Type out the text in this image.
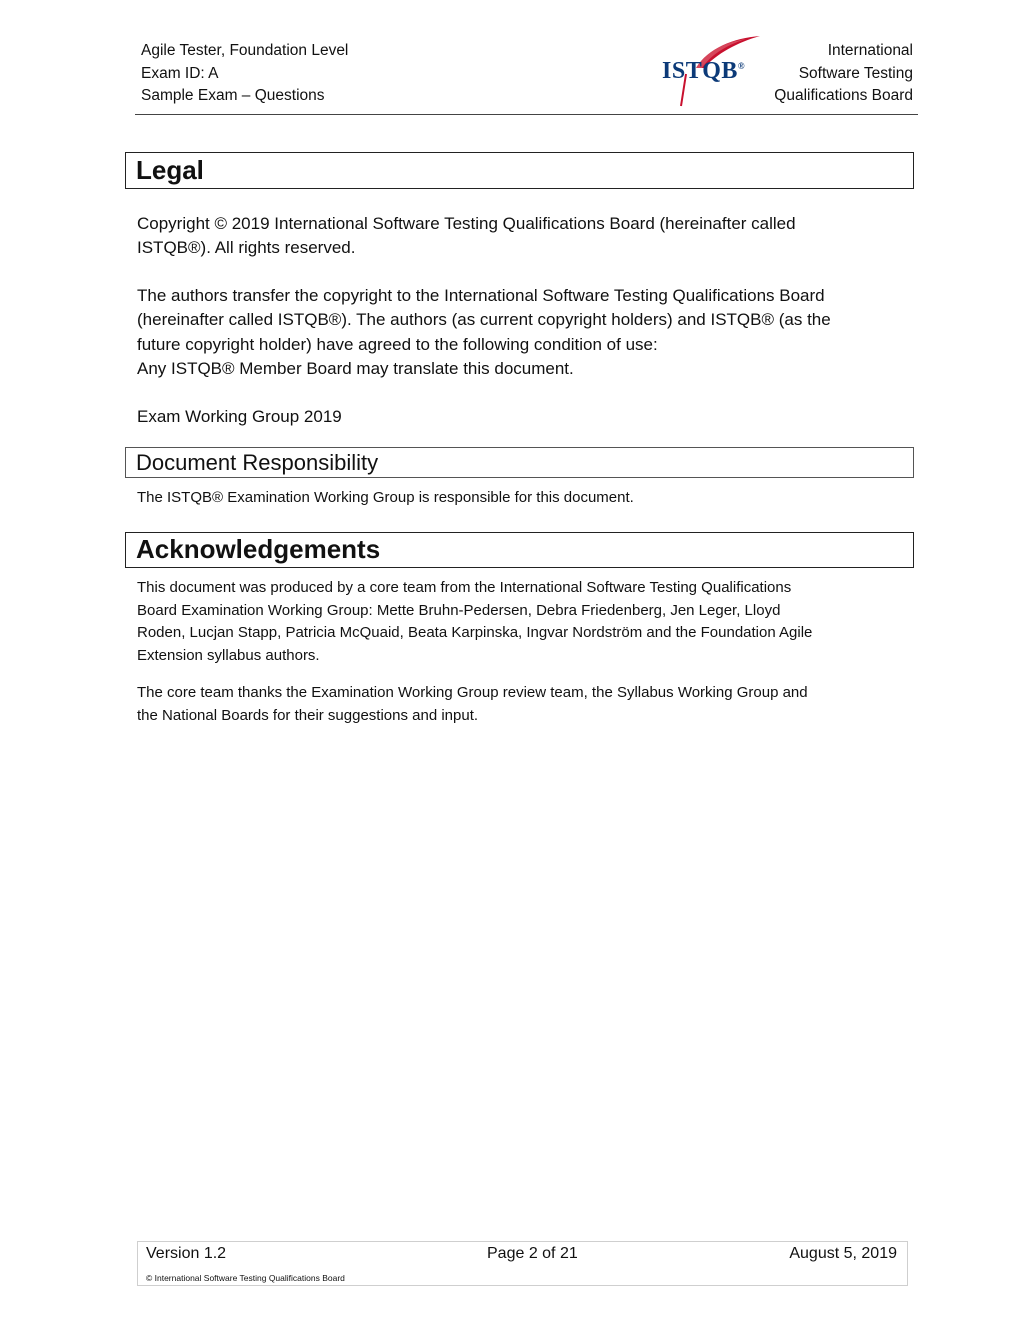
Agile Tester, Foundation Level
Exam ID: A
Sample Exam – Questions
ISTQB®
International
Software Testing
Qualifications Board
Legal
Copyright © 2019 International Software Testing Qualifications Board (hereinafter called
ISTQB®). All rights reserved.
The authors transfer the copyright to the International Software Testing Qualifications Board
(hereinafter called ISTQB®). The authors (as current copyright holders) and ISTQB® (as the
future copyright holder) have agreed to the following condition of use:
Any ISTQB® Member Board may translate this document.
Exam Working Group 2019
Document Responsibility
The ISTQB® Examination Working Group is responsible for this document.
Acknowledgements
This document was produced by a core team from the International Software Testing Qualifications
Board Examination Working Group: Mette Bruhn-Pedersen, Debra Friedenberg, Jen Leger, Lloyd
Roden, Lucjan Stapp, Patricia McQuaid, Beata Karpinska, Ingvar Nordström and the Foundation Agile
Extension syllabus authors.
The core team thanks the Examination Working Group review team, the Syllabus Working Group and
the National Boards for their suggestions and input.
Version 1.2	Page 2 of 21	August 5, 2019
© International Software Testing Qualifications Board
